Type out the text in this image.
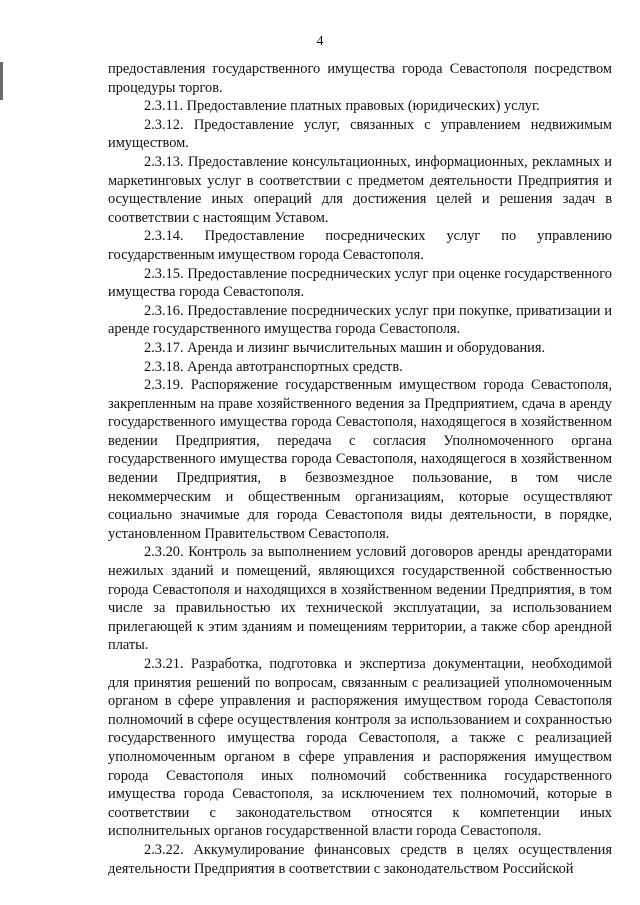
4

предоставления государственного имущества города Севастополя посредством процедуры торгов.

2.3.11. Предоставление платных правовых (юридических) услуг.

2.3.12. Предоставление услуг, связанных с управлением недвижимым имуществом.

2.3.13. Предоставление консультационных, информационных, рекламных и маркетинговых услуг в соответствии с предметом деятельности Предприятия и осуществление иных операций для достижения целей и решения задач в соответствии с настоящим Уставом.

2.3.14. Предоставление посреднических услуг по управлению государственным имуществом города Севастополя.

2.3.15. Предоставление посреднических услуг при оценке государственного имущества города Севастополя.

2.3.16. Предоставление посреднических услуг при покупке, приватизации и аренде государственного имущества города Севастополя.

2.3.17. Аренда и лизинг вычислительных машин и оборудования.

2.3.18. Аренда автотранспортных средств.

2.3.19. Распоряжение государственным имуществом города Севастополя, закрепленным на праве хозяйственного ведения за Предприятием, сдача в аренду государственного имущества города Севастополя, находящегося в хозяйственном ведении Предприятия, передача с согласия Уполномоченного органа государственного имущества города Севастополя, находящегося в хозяйственном ведении Предприятия, в безвозмездное пользование, в том числе некоммерческим и общественным организациям, которые осуществляют социально значимые для города Севастополя виды деятельности, в порядке, установленном Правительством Севастополя.

2.3.20. Контроль за выполнением условий договоров аренды арендаторами нежилых зданий и помещений, являющихся государственной собственностью города Севастополя и находящихся в хозяйственном ведении Предприятия, в том числе за правильностью их технической эксплуатации, за использованием прилегающей к этим зданиям и помещениям территории, а также сбор арендной платы.

2.3.21. Разработка, подготовка и экспертиза документации, необходимой для принятия решений по вопросам, связанным с реализацией уполномоченным органом в сфере управления и распоряжения имуществом города Севастополя полномочий в сфере осуществления контроля за использованием и сохранностью государственного имущества города Севастополя, а также с реализацией уполномоченным органом в сфере управления и распоряжения имуществом города Севастополя иных полномочий собственника государственного имущества города Севастополя, за исключением тех полномочий, которые в соответствии с законодательством относятся к компетенции иных исполнительных органов государственной власти города Севастополя.

2.3.22. Аккумулирование финансовых средств в целях осуществления деятельности Предприятия в соответствии с законодательством Российской
